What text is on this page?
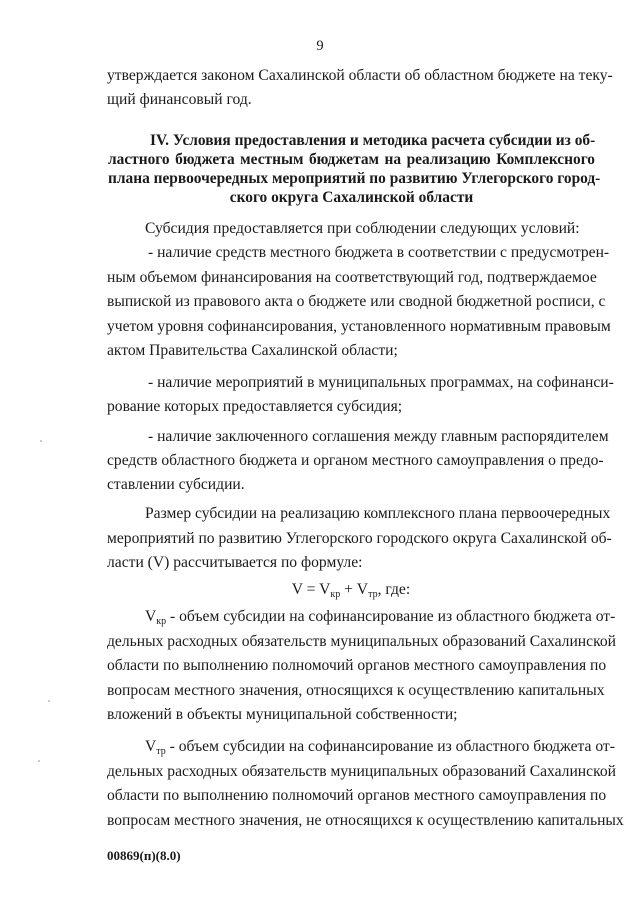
9
утверждается законом Сахалинской области об областном бюджете на теку-
щий финансовый год.
IV. Условия предоставления и методика расчета субсидии из об-
ластного бюджета местным бюджетам на реализацию Комплексного
плана первоочередных мероприятий по развитию Углегорского город-
ского округа Сахалинской области
Субсидия предоставляется при соблюдении следующих условий:
- наличие средств местного бюджета в соответствии с предусмотрен-
ным объемом финансирования на соответствующий год, подтверждаемое
выпиской из правового акта о бюджете или сводной бюджетной росписи, с
учетом уровня софинансирования, установленного нормативным правовым
актом Правительства Сахалинской области;
- наличие мероприятий в муниципальных программах, на софинанси-
рование которых предоставляется субсидия;
- наличие заключенного соглашения между главным распорядителем
средств областного бюджета и органом местного самоуправления о предо-
ставлении субсидии.
Размер субсидии на реализацию комплексного плана первоочередных
мероприятий по развитию Углегорского городского округа Сахалинской об-
ласти (V) рассчитывается по формуле:
$V = V_{кр} + V_{тр}$, где:
$V_{кр}$ - объем субсидии на софинансирование из областного бюджета от-
дельных расходных обязательств муниципальных образований Сахалинской
области по выполнению полномочий органов местного самоуправления по
вопросам местного значения, относящихся к осуществлению капитальных
вложений в объекты муниципальной собственности;
$V_{тр}$ - объем субсидии на софинансирование из областного бюджета от-
дельных расходных обязательств муниципальных образований Сахалинской
области по выполнению полномочий органов местного самоуправления по
вопросам местного значения, не относящихся к осуществлению капитальных
00869(п)(8.0)
